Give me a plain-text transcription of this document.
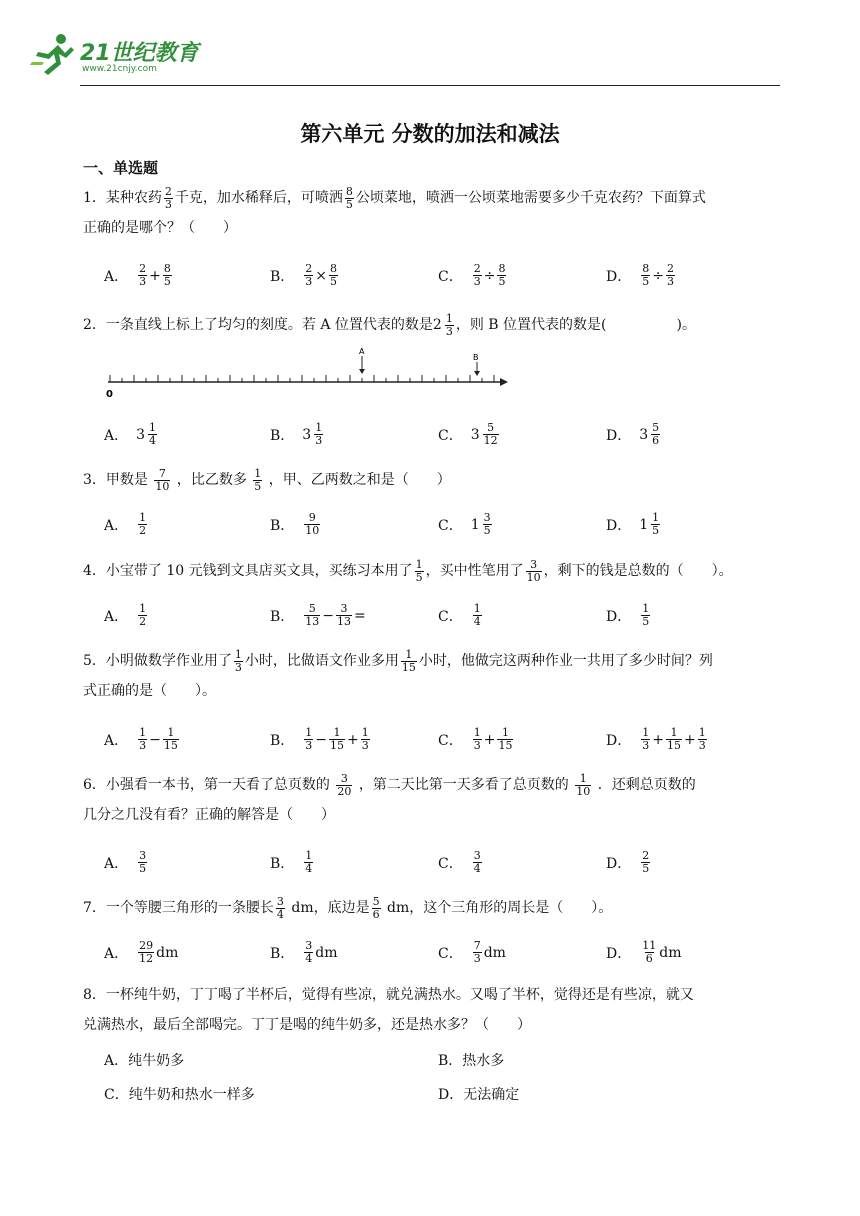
21世纪教育
www.21cnjy.com
第六单元 分数的加法和减法
一、单选题
1．某种农药 $\frac{2}{3}$ 千克，加水稀释后，可喷洒 $\frac{8}{5}$ 公顷菜地，喷洒一公顷菜地需要多少千克农药？下面算式
正确的是哪个？（　　）
A． $\frac{2}{3} + \frac{8}{5}$	B． $\frac{2}{3} \times \frac{8}{5}$	C． $\frac{2}{3} \div \frac{8}{5}$	D． $\frac{8}{5} \div \frac{2}{3}$
2．一条直线上标上了均匀的刻度。若 A 位置代表的数是$2 \frac{1}{3}$ ，则 B 位置代表的数是(　　　　　)。
0
A
B
A． $3 \frac{1}{4}$	B． $3 \frac{1}{3}$	C． $3 \frac{5}{12}$	D． $3 \frac{5}{6}$
3．甲数是 $\frac{7}{10}$ ，比乙数多 $\frac{1}{5}$ ，甲、乙两数之和是（　　）
A． $\frac{1}{2}$	B． $\frac{9}{10}$	C． $1 \frac{3}{5}$	D． $1 \frac{1}{5}$
4．小宝带了 10 元钱到文具店买文具，买练习本用了 $\frac{1}{5}$ ，买中性笔用了 $\frac{3}{10}$ ，剩下的钱是总数的（　　）。
A． $\frac{1}{2}$	B． $\frac{5}{13} - \frac{3}{13}$ =	C． $\frac{1}{4}$	D． $\frac{1}{5}$
5．小明做数学作业用了 $\frac{1}{3}$ 小时，比做语文作业多用 $\frac{1}{15}$ 小时，他做完这两种作业一共用了多少时间？列
式正确的是（　　）。
A． $\frac{1}{3} - \frac{1}{15}$	B． $\frac{1}{3} - \frac{1}{15} + \frac{1}{3}$	C． $\frac{1}{3} + \frac{1}{15}$	D． $\frac{1}{3} + \frac{1}{15} + \frac{1}{3}$
6．小强看一本书，第一天看了总页数的 $\frac{3}{20}$ ，第二天比第一天多看了总页数的 $\frac{1}{10}$ ．还剩总页数的
几分之几没有看？正确的解答是（　　）
A． $\frac{3}{5}$	B． $\frac{1}{4}$	C． $\frac{3}{4}$	D． $\frac{2}{5}$
7．一个等腰三角形的一条腰长 $\frac{3}{4}$ dm，底边是 $\frac{5}{6}$ dm，这个三角形的周长是（　　）。
A． $\frac{29}{12}$ dm	B． $\frac{3}{4}$ dm	C． $\frac{7}{3}$ dm	D． $\frac{11}{6}$ dm
8．一杯纯牛奶，丁丁喝了半杯后，觉得有些凉，就兑满热水。又喝了半杯，觉得还是有些凉，就又
兑满热水，最后全部喝完。丁丁是喝的纯牛奶多，还是热水多？（　　）
A．纯牛奶多	B．热水多
C．纯牛奶和热水一样多	D．无法确定
